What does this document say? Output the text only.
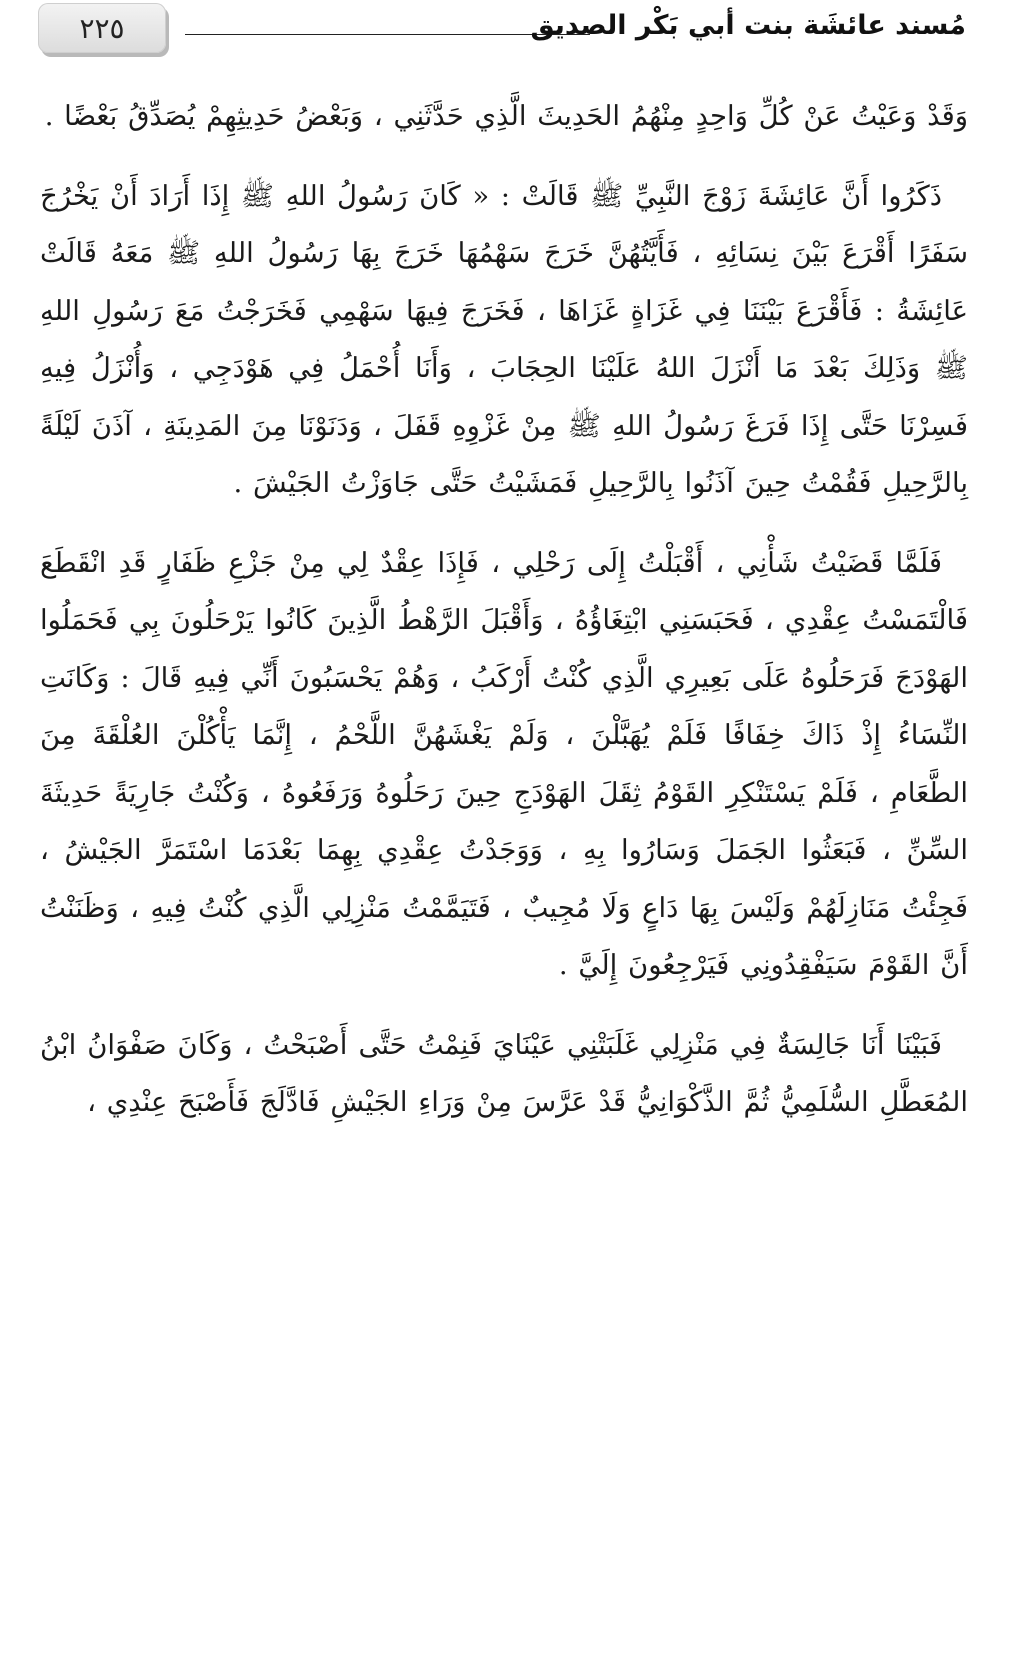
٢٢٥	مُسند عائشَة بنت أبي بَكْر الصديق

وَقَدْ وَعَيْتُ عَنْ كُلِّ وَاحِدٍ مِنْهُمُ الحَدِيثَ الَّذِي حَدَّثَنِي ، وَبَعْضُ حَدِيثِهِمْ يُصَدِّقُ بَعْضًا .

ذَكَرُوا أَنَّ عَائِشَةَ زَوْجَ النَّبِيِّ ﷺ قَالَتْ : « كَانَ رَسُولُ اللهِ ﷺ إِذَا أَرَادَ أَنْ يَخْرُجَ سَفَرًا أَقْرَعَ بَيْنَ نِسَائِهِ ، فَأَيَّتُهُنَّ خَرَجَ سَهْمُهَا خَرَجَ بِهَا رَسُولُ اللهِ ﷺ مَعَهُ قَالَتْ عَائِشَةُ : فَأَقْرَعَ بَيْنَنَا فِي غَزَاةٍ غَزَاهَا ، فَخَرَجَ فِيهَا سَهْمِي فَخَرَجْتُ مَعَ رَسُولِ اللهِ ﷺ وَذَلِكَ بَعْدَ مَا أَنْزَلَ اللهُ عَلَيْنَا الحِجَابَ ، وَأَنَا أُحْمَلُ فِي هَوْدَجِي ، وَأُنْزَلُ فِيهِ فَسِرْنَا حَتَّى إِذَا فَرَغَ رَسُولُ اللهِ ﷺ مِنْ غَزْوِهِ قَفَلَ ، وَدَنَوْنَا مِنَ المَدِينَةِ ، آذَنَ لَيْلَةً بِالرَّحِيلِ فَقُمْتُ حِينَ آذَنُوا بِالرَّحِيلِ فَمَشَيْتُ حَتَّى جَاوَزْتُ الجَيْشَ .

فَلَمَّا قَضَيْتُ شَأْنِي ، أَقْبَلْتُ إِلَى رَحْلِي ، فَإِذَا عِقْدٌ لِي مِنْ جَزْعِ ظَفَارٍ قَدِ انْقَطَعَ فَالْتَمَسْتُ عِقْدِي ، فَحَبَسَنِي ابْتِغَاؤُهُ ، وَأَقْبَلَ الرَّهْطُ الَّذِينَ كَانُوا يَرْحَلُونَ بِي فَحَمَلُوا الهَوْدَجَ فَرَحَلُوهُ عَلَى بَعِيرِي الَّذِي كُنْتُ أَرْكَبُ ، وَهُمْ يَحْسَبُونَ أَنِّي فِيهِ قَالَ : وَكَانَتِ النِّسَاءُ إِذْ ذَاكَ خِفَافًا فَلَمْ يُهَبَّلْنَ ، وَلَمْ يَغْشَهُنَّ اللَّحْمُ ، إِنَّمَا يَأْكُلْنَ العُلْقَةَ مِنَ الطَّعَامِ ، فَلَمْ يَسْتَنْكِرِ القَوْمُ ثِقَلَ الهَوْدَجِ حِينَ رَحَلُوهُ وَرَفَعُوهُ ، وَكُنْتُ جَارِيَةً حَدِيثَةَ السِّنِّ ، فَبَعَثُوا الجَمَلَ وَسَارُوا بِهِ ، وَوَجَدْتُ عِقْدِي بِهِمَا بَعْدَمَا اسْتَمَرَّ الجَيْشُ ، فَجِئْتُ مَنَازِلَهُمْ وَلَيْسَ بِهَا دَاعٍ وَلَا مُجِيبٌ ، فَتَيَمَّمْتُ مَنْزِلِي الَّذِي كُنْتُ فِيهِ ، وَظَنَنْتُ أَنَّ القَوْمَ سَيَفْقِدُونِي فَيَرْجِعُونَ إِلَيَّ .

فَبَيْنَا أَنَا جَالِسَةٌ فِي مَنْزِلِي غَلَبَتْنِي عَيْنَايَ فَنِمْتُ حَتَّى أَصْبَحْتُ ، وَكَانَ صَفْوَانُ ابْنُ المُعَطَّلِ السُّلَمِيُّ ثُمَّ الذَّكْوَانِيُّ قَدْ عَرَّسَ مِنْ وَرَاءِ الجَيْشِ فَادَّلَجَ فَأَصْبَحَ عِنْدِي ،
